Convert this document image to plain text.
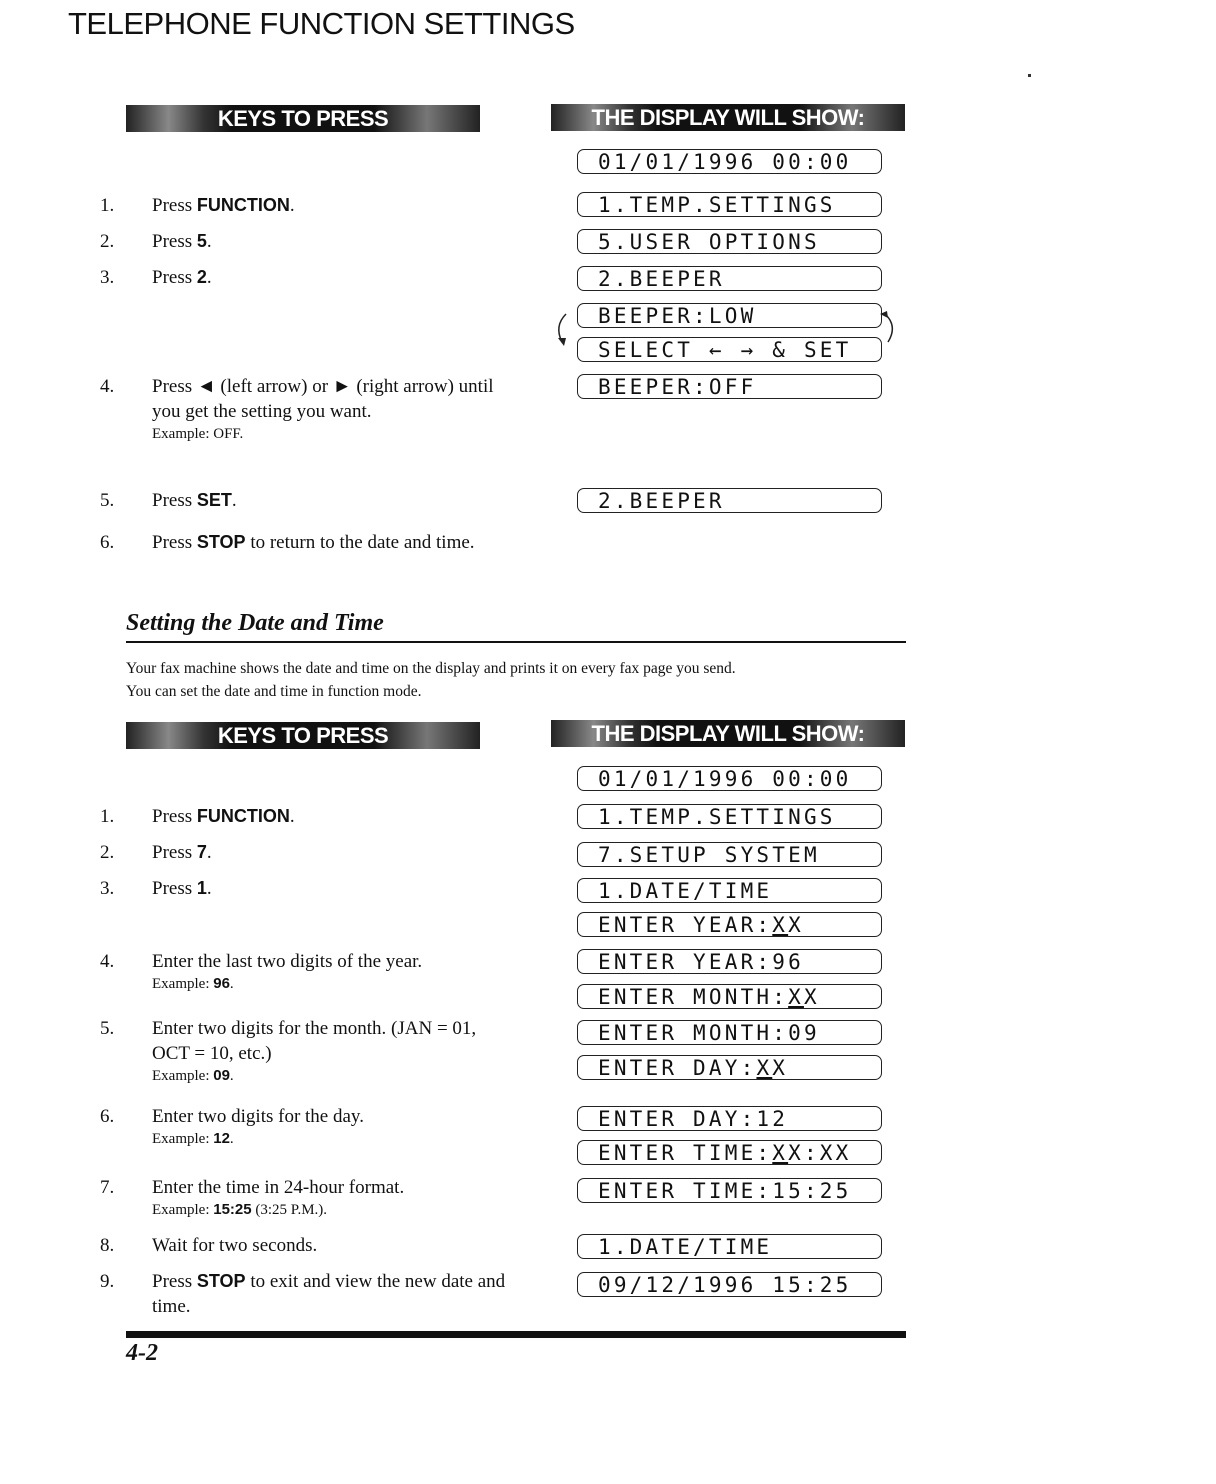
TELEPHONE FUNCTION SETTINGS
KEYS TO PRESS	THE DISPLAY WILL SHOW:
KEYS TO PRESS	THE DISPLAY WILL SHOW:
Setting the Date and Time
Your fax machine shows the date and time on the display and prints it on every fax page you send.
You can set the date and time in function mode.
4-2
1. Press FUNCTION.
2. Press 5.
3. Press 2.
4. Press ◄ (left arrow) or ► (right arrow) until you get the setting you want.
Example: OFF.
5. Press SET.
6. Press STOP to return to the date and time.
01/01/1996 00:00
1.TEMP.SETTINGS
5.USER OPTIONS
2.BEEPER
BEEPER:LOW
SELECT ← → & SET
BEEPER:OFF
2.BEEPER
1. Press FUNCTION.
2. Press 7.
3. Press 1.
4. Enter the last two digits of the year.
Example: 96.
5. Enter two digits for the month. (JAN = 01, OCT = 10, etc.)
Example: 09.
6. Enter two digits for the day.
Example: 12.
7. Enter the time in 24-hour format.
Example: 15:25 (3:25 P.M.).
8. Wait for two seconds.
9. Press STOP to exit and view the new date and time.
01/01/1996 00:00
1.TEMP.SETTINGS
7.SETUP SYSTEM
1.DATE/TIME
ENTER YEAR:XX
ENTER YEAR:96
ENTER MONTH:XX
ENTER MONTH:09
ENTER DAY:XX
ENTER DAY:12
ENTER TIME:XX:XX
ENTER TIME:15:25
1.DATE/TIME
09/12/1996 15:25
